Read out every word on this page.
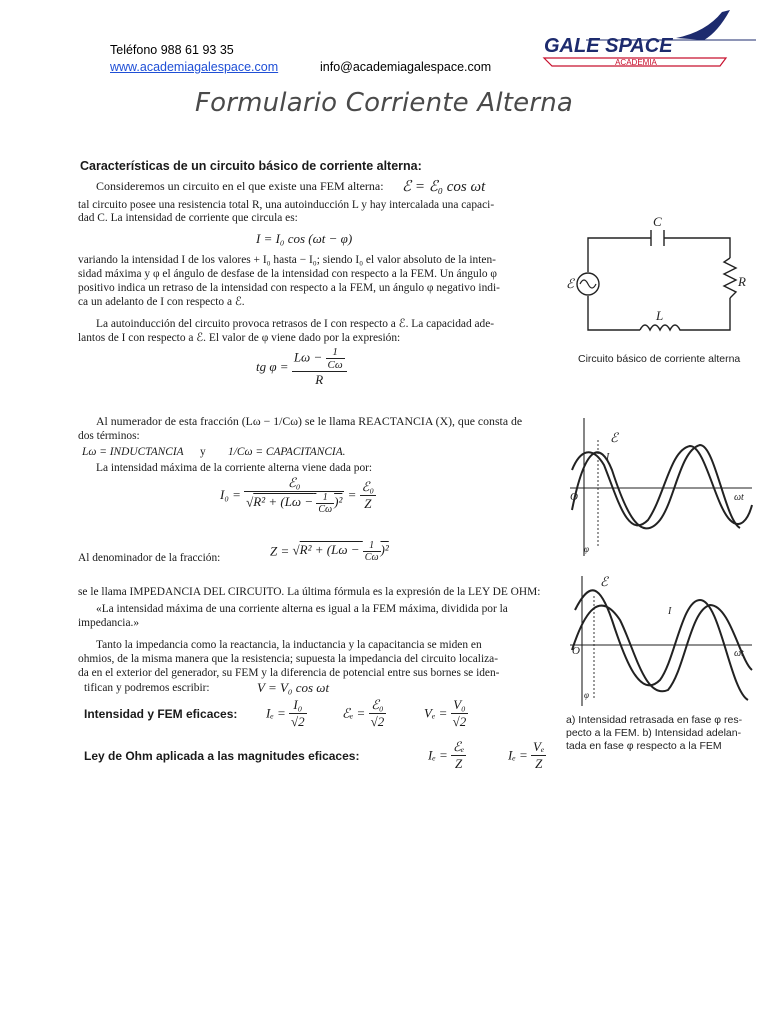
Teléfono 988 61 93 35
www.academiagalespace.com	info@academiagalespace.com
GALE SPACE
ACADEMIA
Formulario Corriente Alterna
Características de un circuito básico de corriente alterna:
Consideremos un circuito en el que existe una FEM alterna: ℰ = ℰ₀ cos ωt
tal circuito posee una resistencia total R, una autoinducción L y hay intercalada una capaci-
dad C. La intensidad de corriente que circula es:
I = I₀ cos (ωt − φ)
variando la intensidad I de los valores + I₀ hasta − I₀; siendo I₀ el valor absoluto de la inten-
sidad máxima y φ el ángulo de desfase de la intensidad con respecto a la FEM. Un ángulo φ
positivo indica un retraso de la intensidad con respecto a la FEM, un ángulo φ negativo indi-
ca un adelanto de I con respecto a ℰ.
La autoinducción del circuito provoca retrasos de I con respecto a ℰ. La capacidad ade-
lantos de I con respecto a ℰ. El valor de φ viene dado por la expresión:
tg $\varphi = \frac{L\omega - \frac{1}{C\omega}}{R}$
Al numerador de esta fracción (Lω − 1/Cω) se le llama REACTANCIA (X), que consta de
dos términos:
Lω = INDUCTANCIA y 1/Cω = CAPACITANCIA.
La intensidad máxima de la corriente alterna viene dada por:
$I_0 = \frac{\text{ℰ₀}}{√R^2 + (L\omega - \frac{1}{C\omega} )^2} = \frac{\text{ℰ₀}}{Z}$
Al denominador de la fracción:	$Z = √R^2 + (L\omega - \frac{1}{C\omega} )^2$
se le llama IMPEDANCIA DEL CIRCUITO. La última fórmula es la expresión de la LEY DE OHM:
«La intensidad máxima de una corriente alterna es igual a la FEM máxima, dividida por la
impedancia.»
Tanto la impedancia como la reactancia, la inductancia y la capacitancia se miden en
ohmios, de la misma manera que la resistencia; supuesta la impedancia del circuito localiza-
da en el exterior del generador, su FEM y la diferencia de potencial entre sus bornes se iden-
tifican y podremos escribir:	V = V₀ cos ωt
Intensidad y FEM eficaces: $I_e = \frac{\text{I₀}}{√2}$	ℰₑ = $\frac{\text{ℰ₀}}{√2}$	$V_e = \frac{\text{V₀}}{√2}$
Ley de Ohm aplicada a las magnitudes eficaces:	$I_e = \frac{\text{ℰₑ}}{Z}$	$I_e = \frac{\text{Vₑ}}{Z}$
C
R
L
ℰ
Circuito básico de corriente alterna
ℰ
I
O	ωt
φ
ℰ
I
O	ωt
φ
a) Intensidad retrasada en fase φ res-
pecto a la FEM. b) Intensidad adelan-
tada en fase φ respecto a la FEM
